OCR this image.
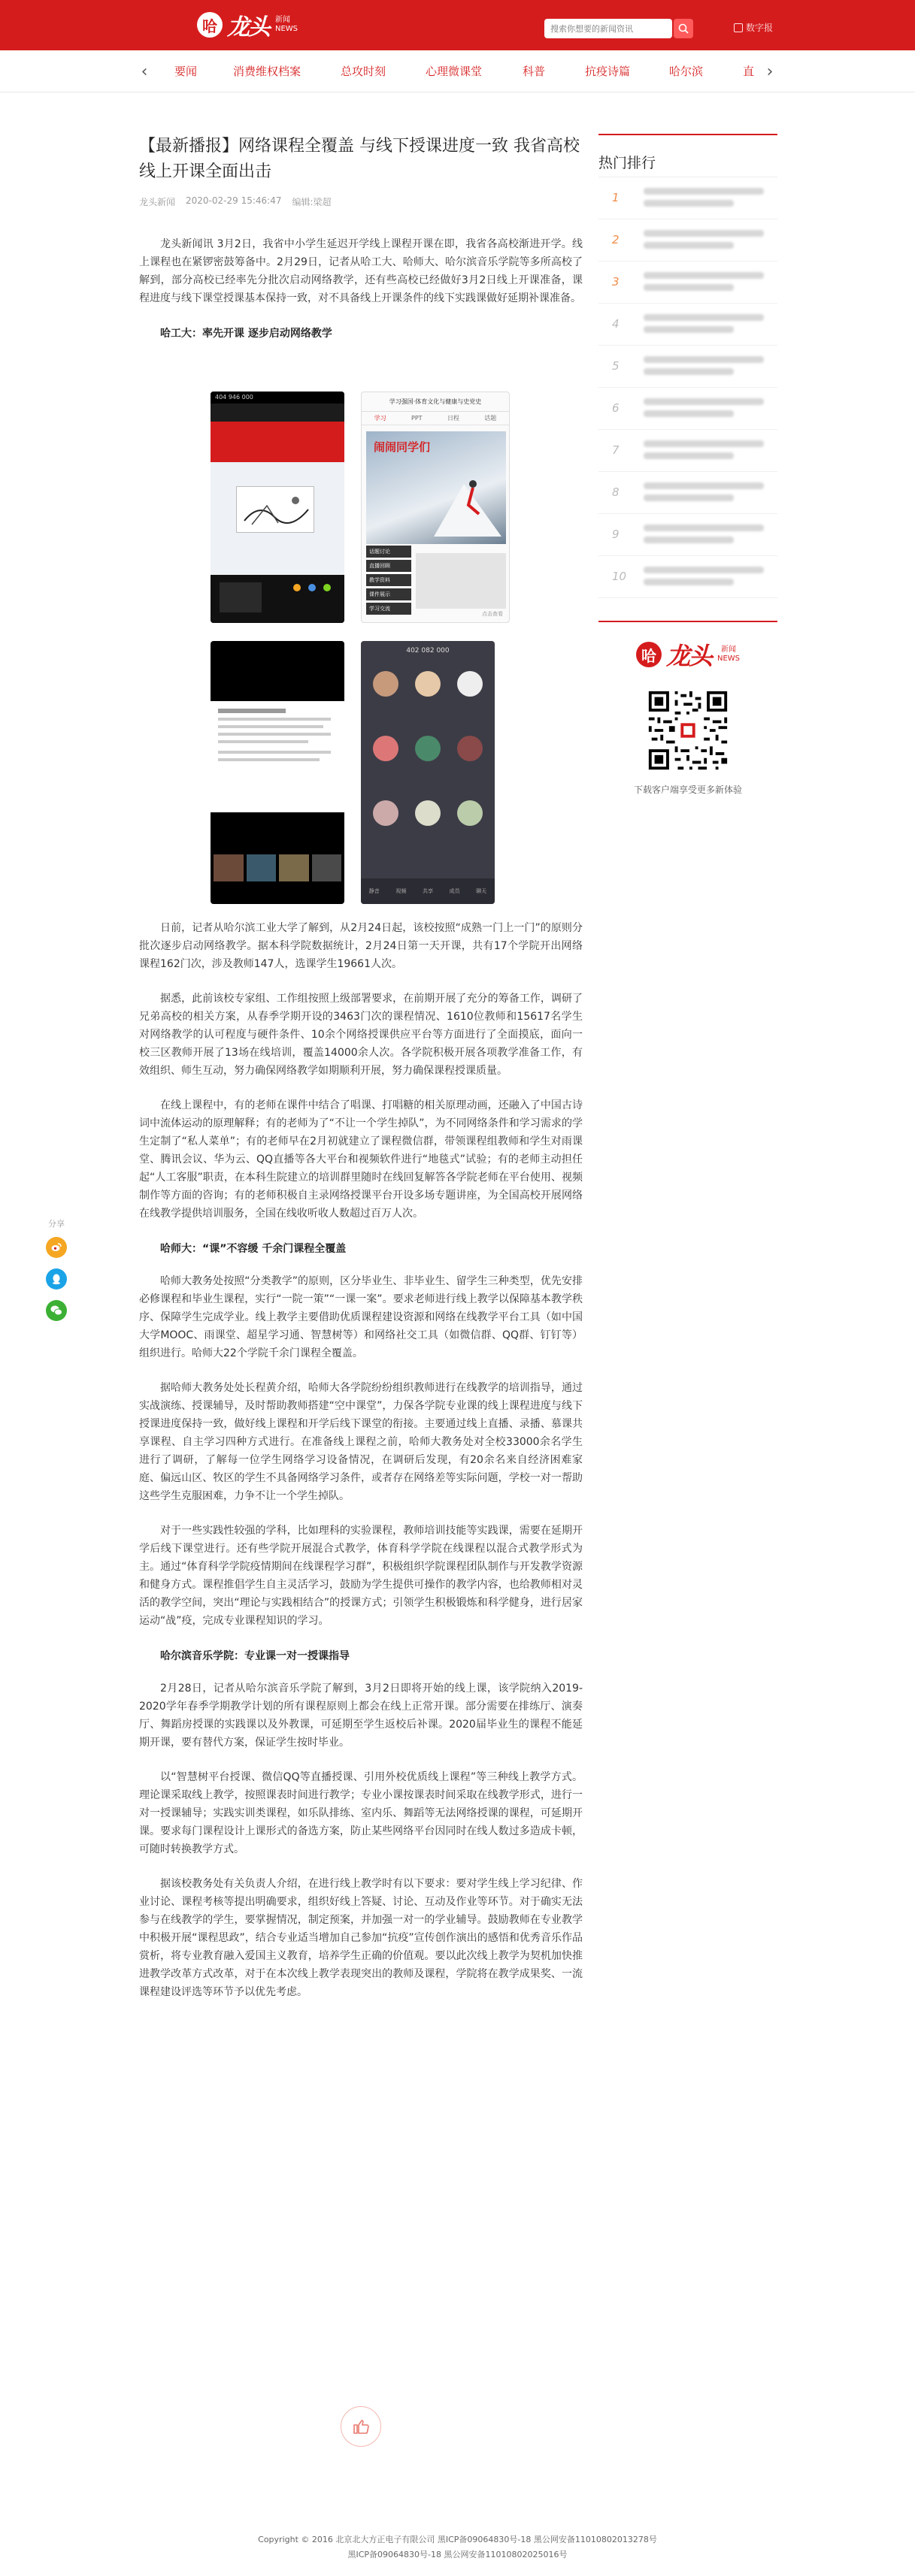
哈 龙头 新闻
NEWS
搜索你想要的新闻资讯	数字报
‹ 要闻	消费维权档案	总攻时刻	心理微课堂	科普	抗疫诗篇	哈尔滨	直 ›
分享
【最新播报】网络课程全覆盖 与线下授课进度一致 我省高校线上开课全面出击
龙头新闻 2020-02-29 15:46:47 编辑:梁超

龙头新闻讯 3月2日，我省中小学生延迟开学线上课程开课在即，我省各高校渐进开学。线上课程也在紧锣密鼓筹备中。2月29日，记者从哈工大、哈师大、哈尔滨音乐学院等多所高校了解到，部分高校已经率先分批次启动网络教学，还有些高校已经做好3月2日线上开课准备，课程进度与线下课堂授课基本保持一致，对不具备线上开课条件的线下实践课做好延期补课准备。

哈工大：率先开课 逐步启动网络教学
404 946 000
学习强国·体育文化与健康与史党史
学习	PPT	日程	话题
闹闹同学们
话题讨论
直播回顾
教学资料
课件展示
学习交流
点击查看
402 082 000
静音	视频	共享	成员	聊天

日前，记者从哈尔滨工业大学了解到，从2月24日起，该校按照“成熟一门上一门”的原则分批次逐步启动网络教学。据本科学院数据统计，2月24日第一天开课，共有17个学院开出网络课程162门次，涉及教师147人，选课学生19661人次。

据悉，此前该校专家组、工作组按照上级部署要求，在前期开展了充分的筹备工作，调研了兄弟高校的相关方案，从春季学期开设的3463门次的课程情况、1610位教师和15617名学生对网络教学的认可程度与硬件条件、10余个网络授课供应平台等方面进行了全面摸底，面向一校三区教师开展了13场在线培训，覆盖14000余人次。各学院积极开展各项教学准备工作，有效组织、师生互动，努力确保网络教学如期顺利开展，努力确保课程授课质量。

在线上课程中，有的老师在课件中结合了唱课、打唱糖的相关原理动画，还融入了中国古诗词中流体运动的原理解释；有的老师为了“不让一个学生掉队”，为不同网络条件和学习需求的学生定制了“私人菜单”；有的老师早在2月初就建立了课程微信群，带领课程组教师和学生对雨课堂、腾讯会议、华为云、QQ直播等各大平台和视频软件进行“地毯式”试验；有的老师主动担任起“人工客服”职责，在本科生院建立的培训群里随时在线回复解答各学院老师在平台使用、视频制作等方面的咨询；有的老师积极自主录网络授课平台开设多场专题讲座，为全国高校开展网络在线教学提供培训服务，全国在线收听收人数超过百万人次。

哈师大：“课”不容缓 千余门课程全覆盖

哈师大教务处按照“分类教学”的原则，区分毕业生、非毕业生、留学生三种类型，优先安排必修课程和毕业生课程，实行“一院一策”“一课一案”。要求老师进行线上教学以保障基本教学秩序、保障学生完成学业。线上教学主要借助优质课程建设资源和网络在线教学平台工具（如中国大学MOOC、雨课堂、超星学习通、智慧树等）和网络社交工具（如微信群、QQ群、钉钉等）组织进行。哈师大22个学院千余门课程全覆盖。

据哈师大教务处处长程黄介绍，哈师大各学院纷纷组织教师进行在线教学的培训指导，通过实战演练、授课辅导，及时帮助教师搭建“空中课堂”，力保各学院专业课的线上课程进度与线下授课进度保持一致，做好线上课程和开学后线下课堂的衔接。主要通过线上直播、录播、慕课共享课程、自主学习四种方式进行。在准备线上课程之前，哈师大教务处对全校33000余名学生进行了调研，了解每一位学生网络学习设备情况，在调研后发现，有20余名来自经济困难家庭、偏远山区、牧区的学生不具备网络学习条件，或者存在网络差等实际问题，学校一对一帮助这些学生克服困难，力争不让一个学生掉队。

对于一些实践性较强的学科，比如理科的实验课程，教师培训技能等实践课，需要在延期开学后线下课堂进行。还有些学院开展混合式教学，体育科学学院在线课程以混合式教学形式为主。通过“体育科学学院疫情期间在线课程学习群”，积极组织学院课程团队制作与开发教学资源和健身方式。课程推倡学生自主灵活学习，鼓励为学生提供可操作的教学内容，也给教师相对灵活的教学空间，突出“理论与实践相结合”的授课方式；引领学生积极锻炼和科学健身，进行居家运动“战”疫，完成专业课程知识的学习。

哈尔滨音乐学院：专业课一对一授课指导

2月28日，记者从哈尔滨音乐学院了解到，3月2日即将开始的线上课，该学院纳入2019-2020学年春季学期教学计划的所有课程原则上都会在线上正常开课。部分需要在排练厅、演奏厅、舞蹈房授课的实践课以及外教课，可延期至学生返校后补课。2020届毕业生的课程不能延期开课，要有替代方案，保证学生按时毕业。

以“智慧树平台授课、微信QQ等直播授课、引用外校优质线上课程”等三种线上教学方式。理论课采取线上教学，按照课表时间进行教学；专业小课按课表时间采取在线教学形式，进行一对一授课辅导；实践实训类课程，如乐队排练、室内乐、舞蹈等无法网络授课的课程，可延期开课。要求每门课程设计上课形式的备选方案，防止某些网络平台因同时在线人数过多造成卡顿，可随时转换教学方式。

据该校教务处有关负责人介绍，在进行线上教学时有以下要求：要对学生线上学习纪律、作业讨论、课程考核等提出明确要求，组织好线上答疑、讨论、互动及作业等环节。对于确实无法参与在线教学的学生，要掌握情况，制定预案，并加强一对一的学业辅导。鼓励教师在专业教学中积极开展“课程思政”，结合专业适当增加自己参加“抗疫”宣传创作演出的感悟和优秀音乐作品赏析，将专业教育融入爱国主义教育，培养学生正确的价值观。要以此次线上教学为契机加快推进教学改革方式改革，对于在本次线上教学表现突出的教师及课程，学院将在教学成果奖、一流课程建设评选等环节予以优先考虑。

热门排行
1
2
3
4
5
6
7
8
9
10
哈 龙头	新闻
NEWS
下载客户端享受更多新体验
Copyright © 2016 北京北大方正电子有限公司 黑ICP备09064830号-18 黑公网安备11010802013278号
黑ICP备09064830号-18 黑公网安备11010802025016号
